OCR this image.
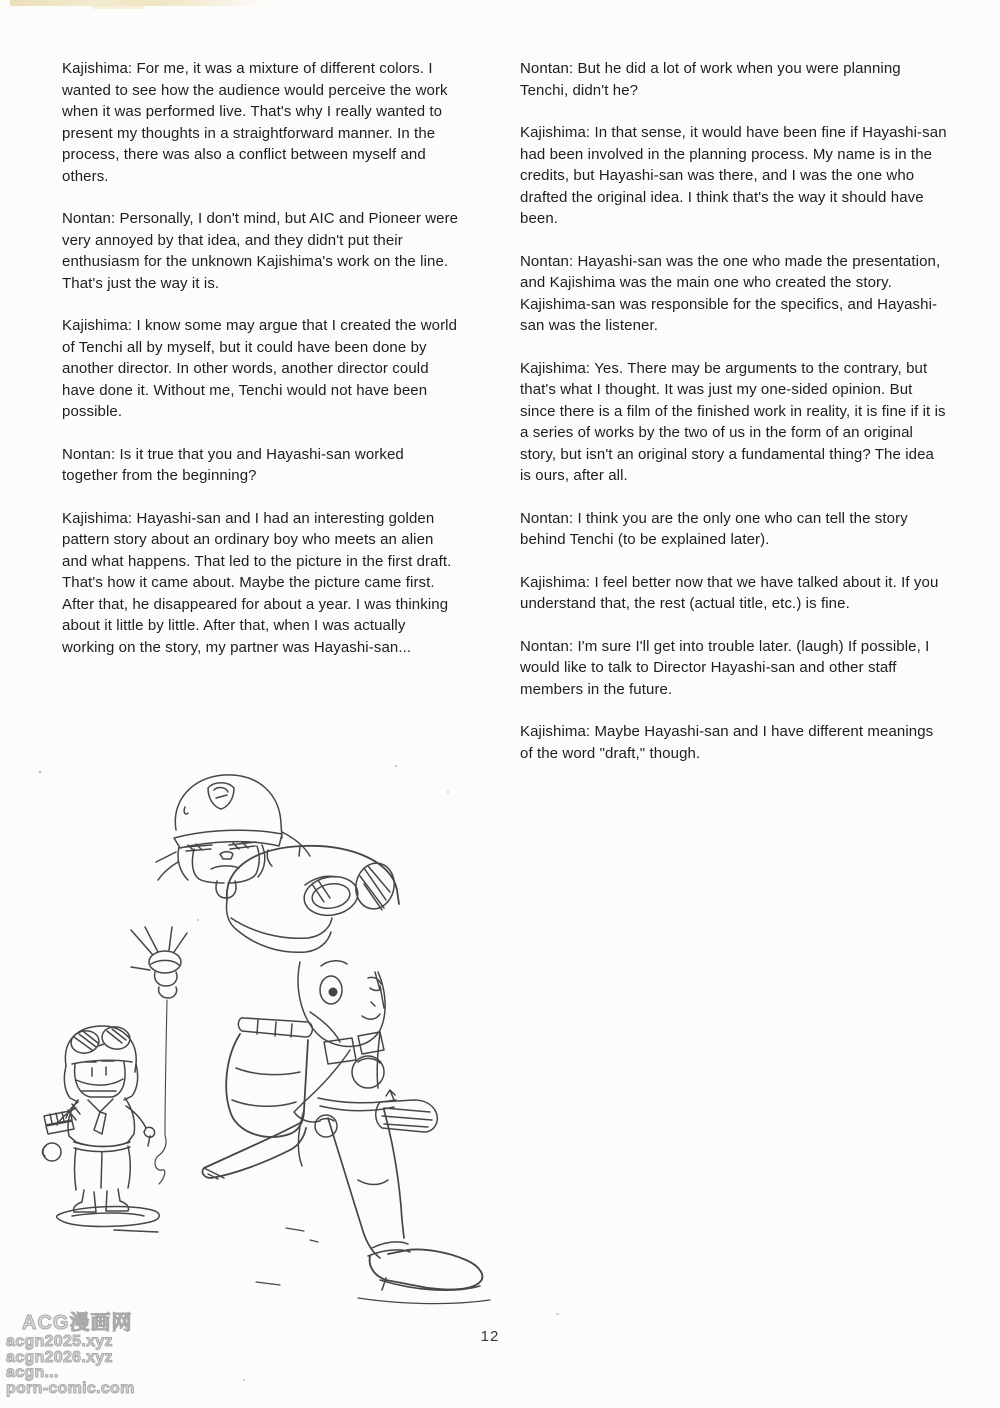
Kajishima: For me, it was a mixture of different colors. I wanted to see how the audience would perceive the work when it was performed live. That's why I really wanted to present my thoughts in a straightforward manner. In the process, there was also a conflict between myself and others.

Nontan: Personally, I don't mind, but AIC and Pioneer were very annoyed by that idea, and they didn't put their enthusiasm for the unknown Kajishima's work on the line. That's just the way it is.

Kajishima: I know some may argue that I created the world of Tenchi all by myself, but it could have been done by another director. In other words, another director could have done it. Without me, Tenchi would not have been possible.

Nontan: Is it true that you and Hayashi-san worked together from the beginning?

Kajishima: Hayashi-san and I had an interesting golden pattern story about an ordinary boy who meets an alien and what happens. That led to the picture in the first draft. That's how it came about. Maybe the picture came first. After that, he disappeared for about a year. I was thinking about it little by little. After that, when I was actually working on the story, my partner was Hayashi-san...

Nontan: But he did a lot of work when you were planning Tenchi, didn't he?

Kajishima: In that sense, it would have been fine if Hayashi-san had been involved in the planning process. My name is in the credits, but Hayashi-san was there, and I was the one who drafted the original idea. I think that's the way it should have been.

Nontan: Hayashi-san was the one who made the presentation, and Kajishima was the main one who created the story. Kajishima-san was responsible for the specifics, and Hayashi-san was the listener.

Kajishima: Yes. There may be arguments to the contrary, but that's what I thought. It was just my one-sided opinion. But since there is a film of the finished work in reality, it is fine if it is a series of works by the two of us in the form of an original story, but isn't an original story a fundamental thing? The idea is ours, after all.

Nontan: I think you are the only one who can tell the story behind Tenchi (to be explained later).

Kajishima: I feel better now that we have talked about it. If you understand that, the rest (actual title, etc.) is fine.

Nontan: I'm sure I'll get into trouble later. (laugh) If possible, I would like to talk to Director Hayashi-san and other staff members in the future.

Kajishima: Maybe Hayashi-san and I have different meanings of the word "draft," though.

ACG漫画网

acgn2025.xyz

acgn2026.xyz

acgn...

porn-comic.com

12
